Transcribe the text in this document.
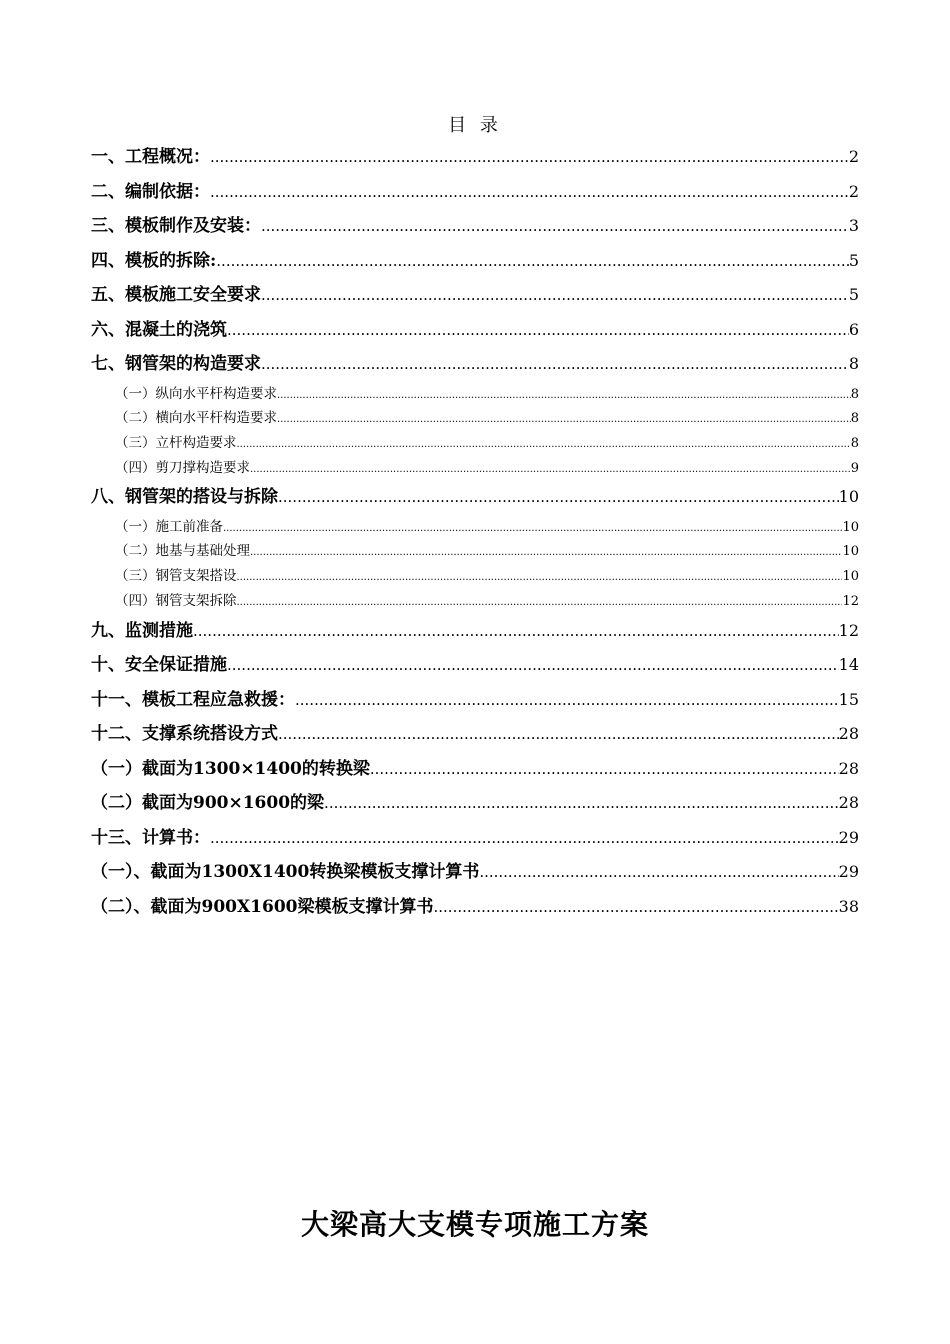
目 录
一、工程概况： .....	2
二、编制依据： .....	2
三、模板制作及安装： .....	3
四、模板的拆除: .....	5
五、模板施工安全要求 .....	5
六、混凝土的浇筑 .....	6
七、钢管架的构造要求 .....	8
（一）纵向水平杆构造要求 .....	8
（二）横向水平杆构造要求 .....	8
（三）立杆构造要求 .....	8
（四）剪刀撑构造要求 .....	9
八、钢管架的搭设与拆除 .....	10
（一）施工前准备 .....	10
（二）地基与基础处理 .....	10
（三）钢管支架搭设 .....	10
（四）钢管支架拆除 .....	12
九、监测措施 .....	12
十、安全保证措施 .....	14
十一、模板工程应急救援： .....	15
十二、支撑系统搭设方式 .....	28
（一）截面为1300×1400的转换梁 .....	28
（二）截面为900×1600的梁 .....	28
十三、计算书： .....	29
（一）、截面为1300X1400转换梁模板支撑计算书 .....	29
（二）、截面为900X1600梁模板支撑计算书 .....	38
大梁高大支模专项施工方案
